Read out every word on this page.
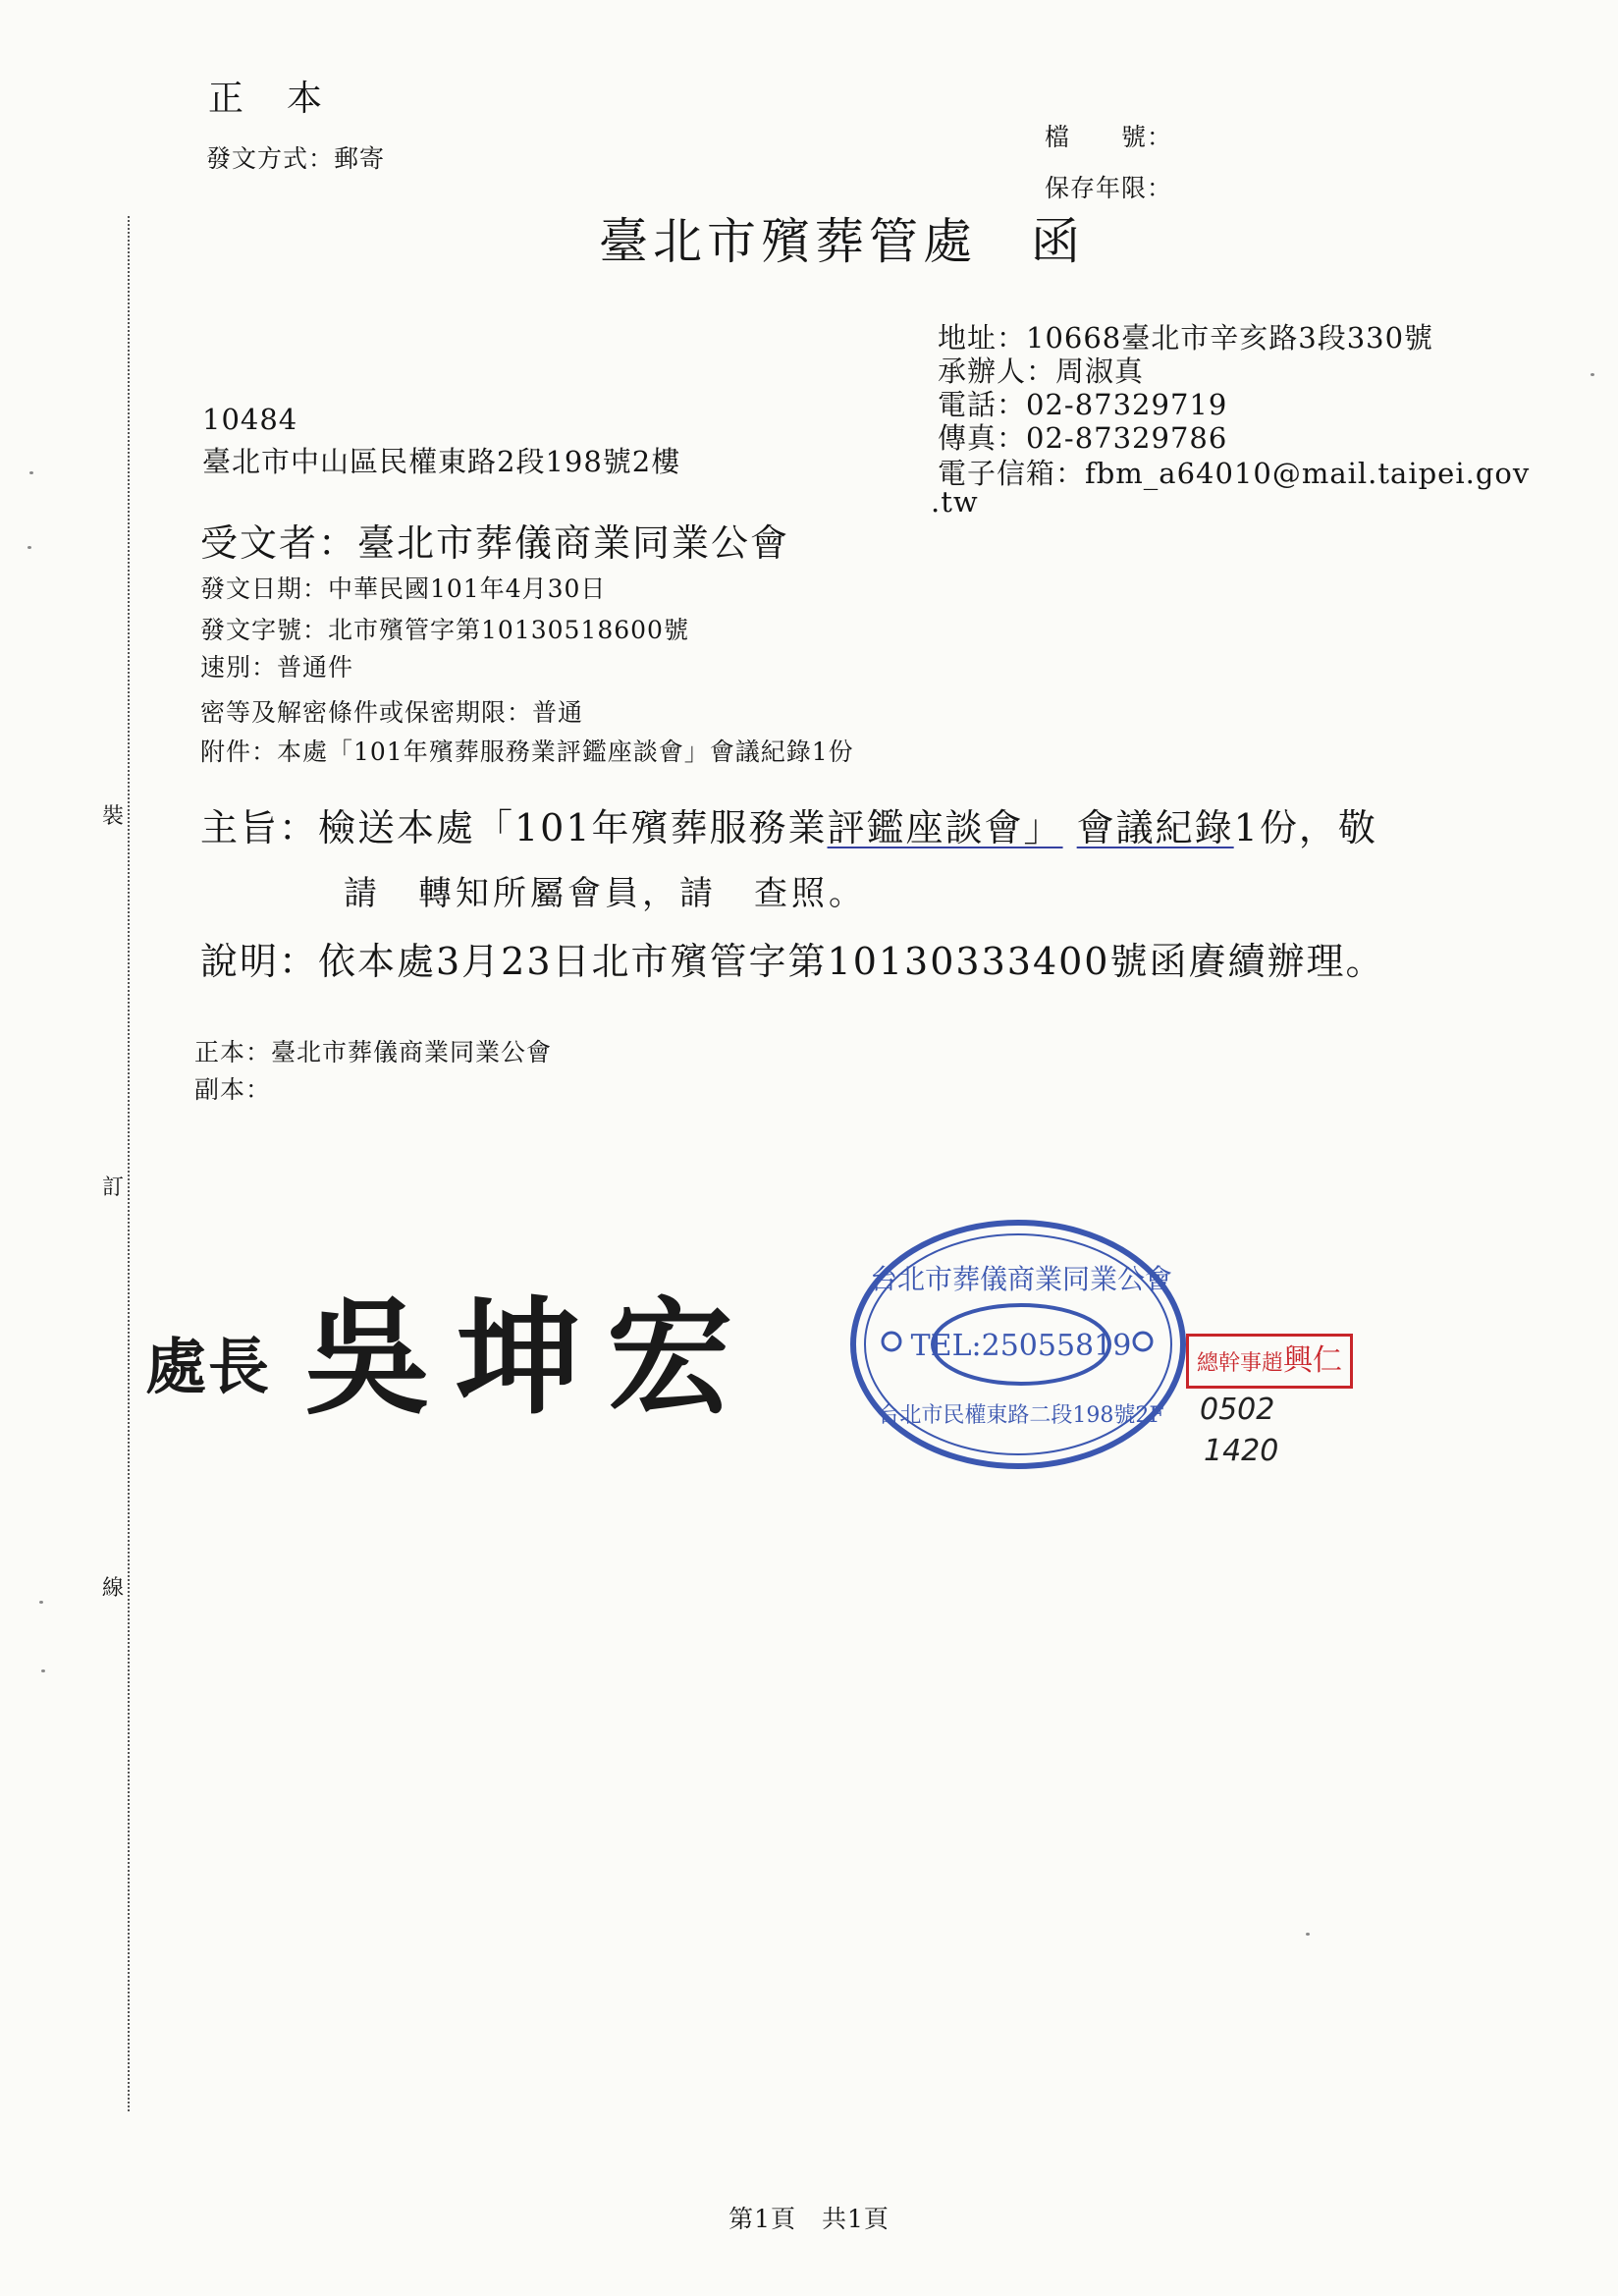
正　本
發文方式：郵寄
檔　　號：
保存年限：
臺北市殯葬管處　函
地址：10668臺北市辛亥路3段330號
承辦人：周淑真
電話：02-87329719
傳真：02-87329786
電子信箱：fbm_a64010@mail.taipei.gov
.tw
10484
臺北市中山區民權東路2段198號2樓
受文者：臺北市葬儀商業同業公會
發文日期：中華民國101年4月30日
發文字號：北市殯管字第10130518600號
速別：普通件
密等及解密條件或保密期限：普通
附件：本處「101年殯葬服務業評鑑座談會」會議紀錄1份
主旨：檢送本處「101年殯葬服務業評鑑座談會」 會議紀錄1份，敬
請　轉知所屬會員，請　查照。
說明：依本處3月23日北市殯管字第10130333400號函賡續辦理。
正本：臺北市葬儀商業同業公會
副本：
處長 吳坤宏
台北市葬儀商業同業公會
TEL:25055819
台北市民權東路二段198號2F
總幹事趙興仁
0502
1420
裝
訂
線
第1頁　共1頁
